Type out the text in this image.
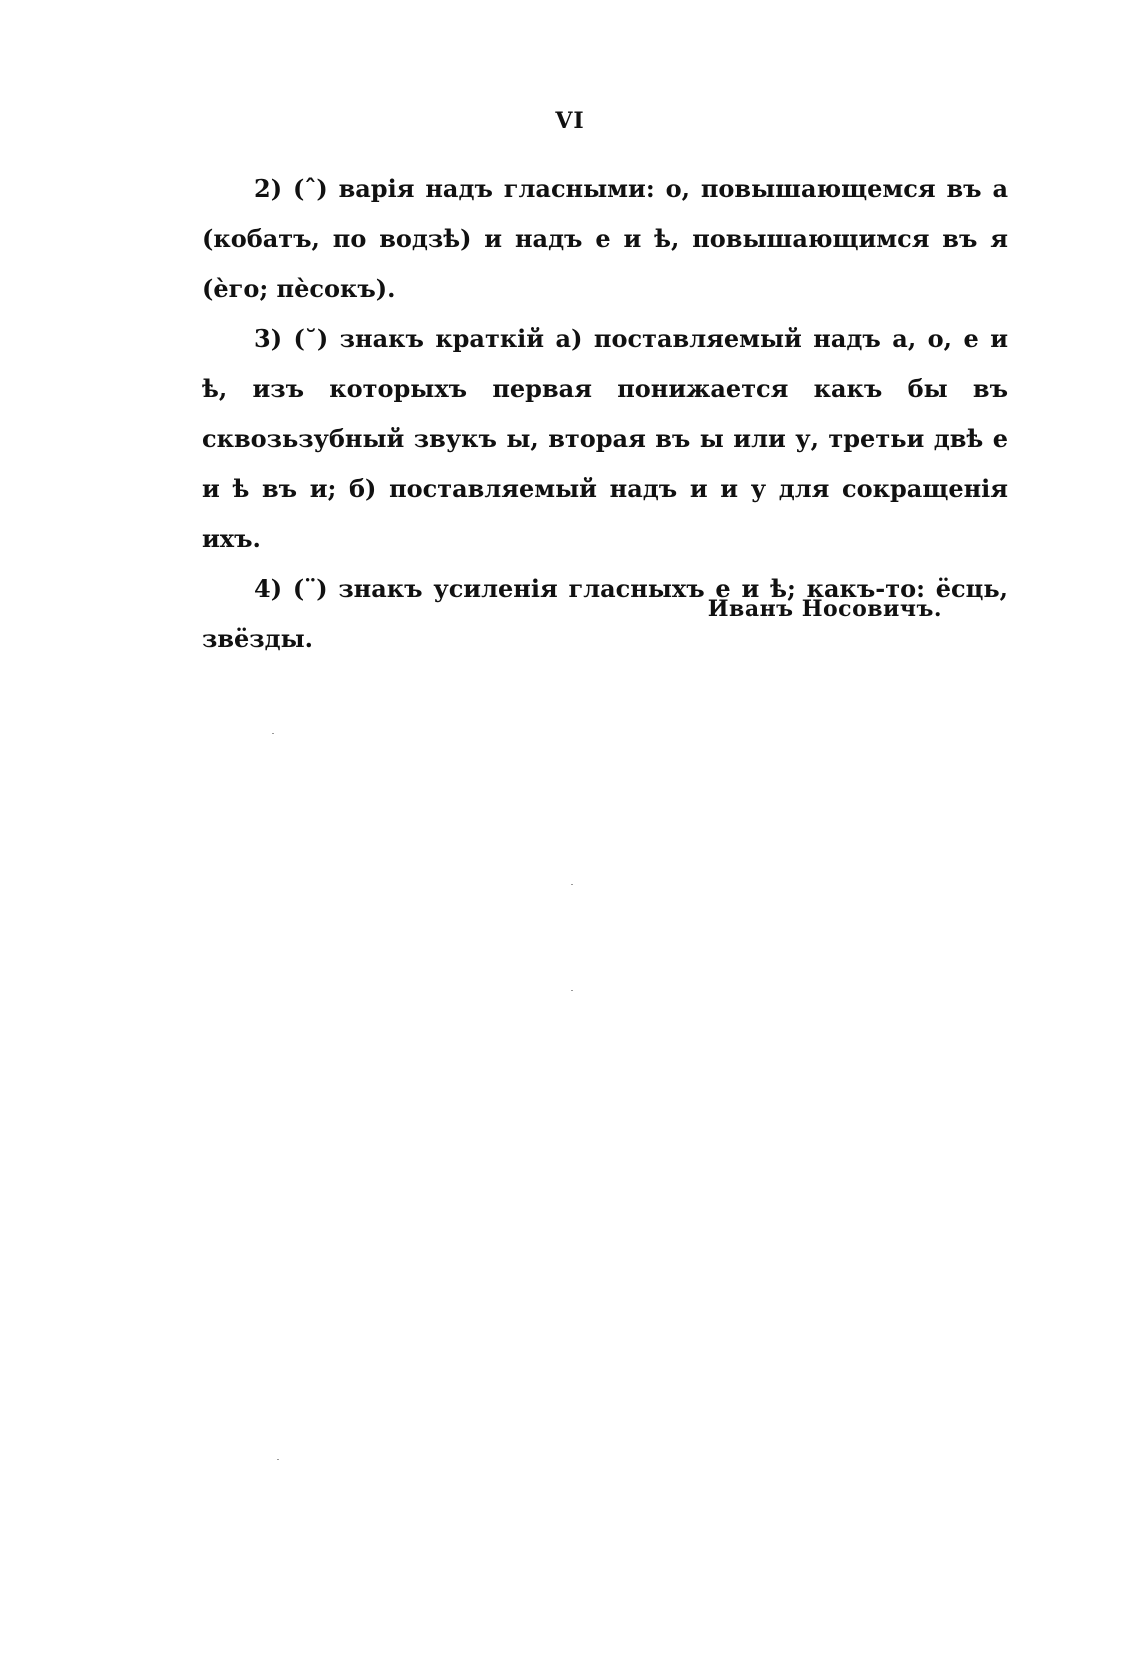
VI

2) (ˆ) варія надъ гласными: о, повышающемся въ а (кобатъ, по водзѣ) и надъ е и ѣ, повышающимся въ я (ѐго; пѐсокъ).

3) (˘) знакъ краткій а) поставляемый надъ а, о, е и ѣ, изъ которыхъ первая понижается какъ бы въ сквозьзубный звукъ ы, вторая въ ы или у, третьи двѣ е и ѣ въ и; б) поставляемый надъ и и у для сокращенія ихъ.

4) (¨) знакъ усиленія гласныхъ е и ѣ; какъ-то: ёсць, звёзды.

Иванъ Нoсовичъ.
